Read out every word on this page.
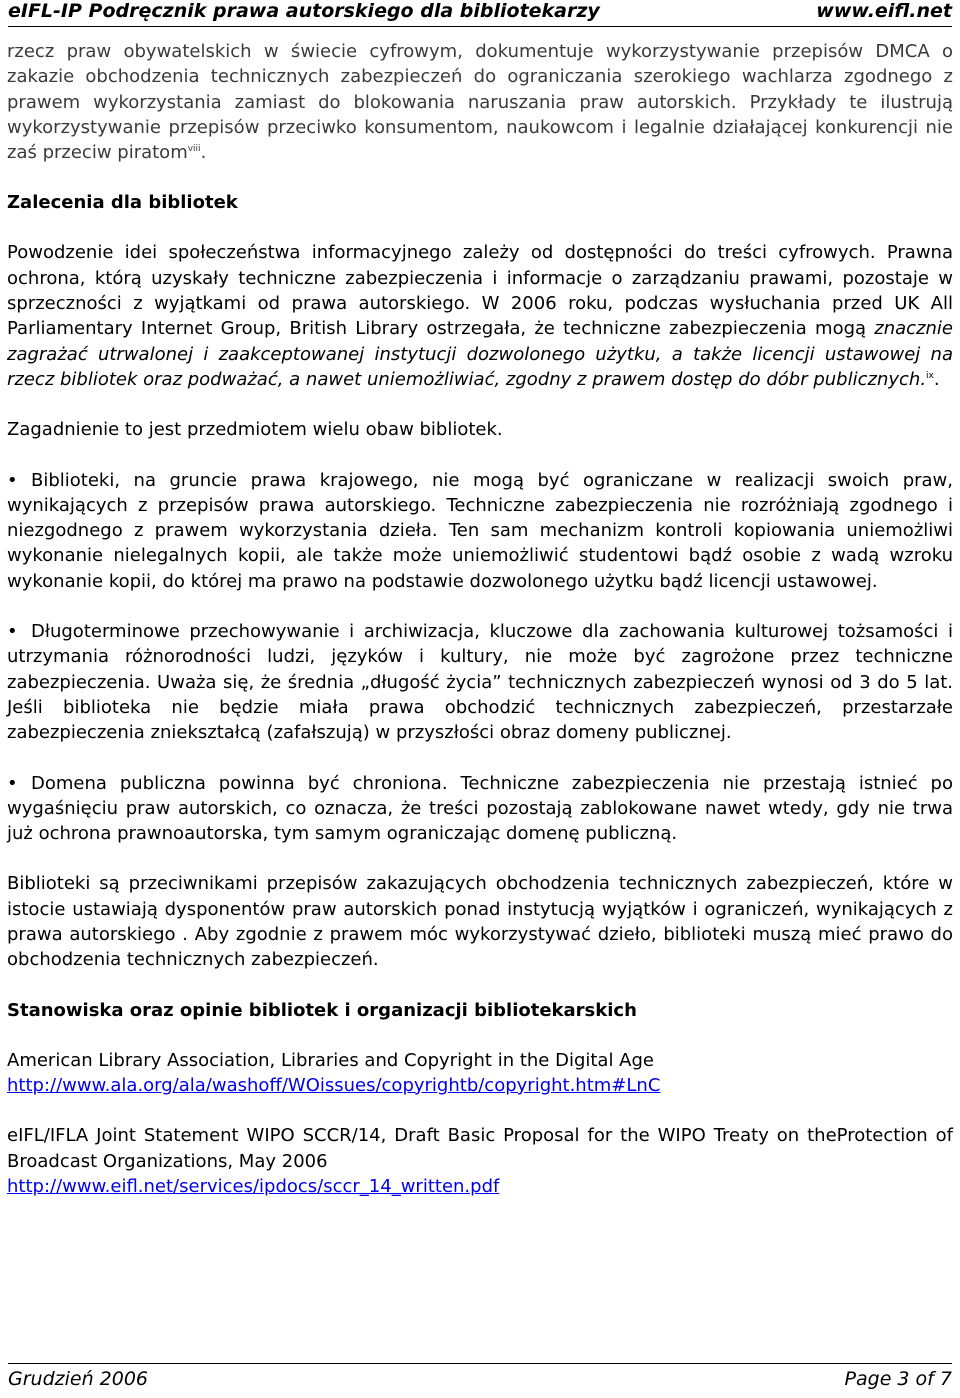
eIFL-IP Podręcznik prawa autorskiego dla bibliotekarzy	www.eifl.net

rzecz praw obywatelskich w świecie cyfrowym, dokumentuje wykorzystywanie przepisów DMCA o zakazie obchodzenia technicznych zabezpieczeń do ograniczania szerokiego wachlarza zgodnego z prawem wykorzystania zamiast do blokowania naruszania praw autorskich. Przykłady te ilustrują wykorzystywanie przepisów przeciwko konsumentom, naukowcom i legalnie działającej konkurencji nie zaś przeciw piratom$^{viii}$.

Zalecenia dla bibliotek

Powodzenie idei społeczeństwa informacyjnego zależy od dostępności do treści cyfrowych. Prawna ochrona, którą uzyskały techniczne zabezpieczenia i informacje o zarządzaniu prawami, pozostaje w sprzeczności z wyjątkami od prawa autorskiego. W 2006 roku, podczas wysłuchania przed UK All Parliamentary Internet Group, British Library ostrzegała, że techniczne zabezpieczenia mogą znacznie zagrażać utrwalonej i zaakceptowanej instytucji dozwolonego użytku, a także licencji ustawowej na rzecz bibliotek oraz podważać, a nawet uniemożliwiać, zgodny z prawem dostęp do dóbr publicznych.$^{ix}$.

Zagadnienie to jest przedmiotem wielu obaw bibliotek.

• Biblioteki, na gruncie prawa krajowego, nie mogą być ograniczane w realizacji swoich praw, wynikających z przepisów prawa autorskiego. Techniczne zabezpieczenia nie rozróżniają zgodnego i niezgodnego z prawem wykorzystania dzieła. Ten sam mechanizm kontroli kopiowania uniemożliwi wykonanie nielegalnych kopii, ale także może uniemożliwić studentowi bądź osobie z wadą wzroku wykonanie kopii, do której ma prawo na podstawie dozwolonego użytku bądź licencji ustawowej.

• Długoterminowe przechowywanie i archiwizacja, kluczowe dla zachowania kulturowej tożsamości i utrzymania różnorodności ludzi, języków i kultury, nie może być zagrożone przez techniczne zabezpieczenia. Uważa się, że średnia „długość życia” technicznych zabezpieczeń wynosi od 3 do 5 lat. Jeśli biblioteka nie będzie miała prawa obchodzić technicznych zabezpieczeń, przestarzałe zabezpieczenia zniekształcą (zafałszują) w przyszłości obraz domeny publicznej.

• Domena publiczna powinna być chroniona. Techniczne zabezpieczenia nie przestają istnieć po wygaśnięciu praw autorskich, co oznacza, że treści pozostają zablokowane nawet wtedy, gdy nie trwa już ochrona prawnoautorska, tym samym ograniczając domenę publiczną.

Biblioteki są przeciwnikami przepisów zakazujących obchodzenia technicznych zabezpieczeń, które w istocie ustawiają dysponentów praw autorskich ponad instytucją wyjątków i ograniczeń, wynikających z prawa autorskiego . Aby zgodnie z prawem móc wykorzystywać dzieło, biblioteki muszą mieć prawo do obchodzenia technicznych zabezpieczeń.

Stanowiska oraz opinie bibliotek i organizacji bibliotekarskich

American Library Association, Libraries and Copyright in the Digital Age
http://www.ala.org/ala/washoff/WOissues/copyrightb/copyright.htm#LnC

eIFL/IFLA Joint Statement WIPO SCCR/14, Draft Basic Proposal for the WIPO Treaty on theProtection of Broadcast Organizations, May 2006
http://www.eifl.net/services/ipdocs/sccr_14_written.pdf

Grudzień 2006	Page 3 of 7
